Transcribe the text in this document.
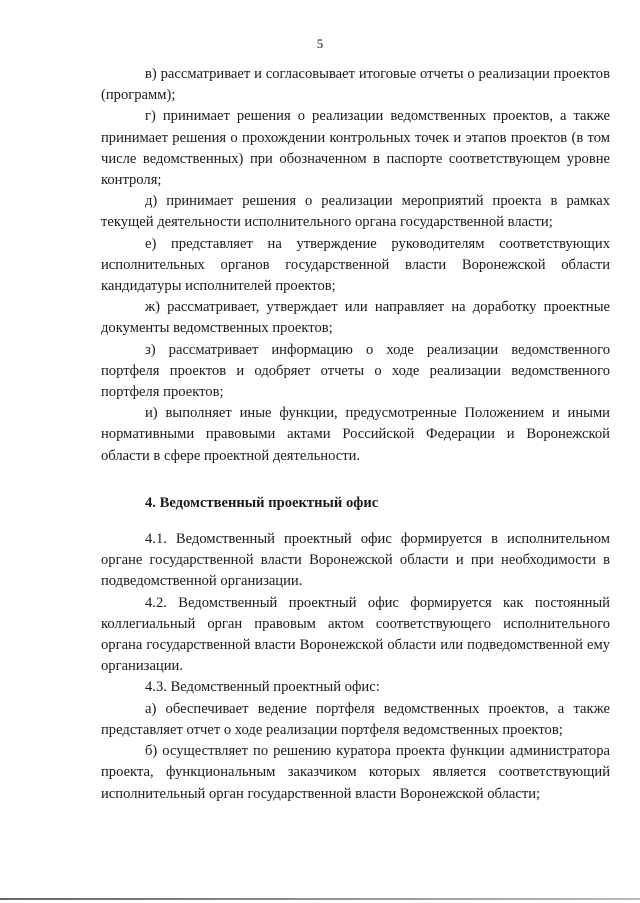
5

в) рассматривает и согласовывает итоговые отчеты о реализации проектов (программ);

г) принимает решения о реализации ведомственных проектов, а также принимает решения о прохождении контрольных точек и этапов проектов (в том числе ведомственных) при обозначенном в паспорте соответствующем уровне контроля;

д) принимает решения о реализации мероприятий проекта в рамках текущей деятельности исполнительного органа государственной власти;

е) представляет на утверждение руководителям соответствующих исполнительных органов государственной власти Воронежской области кандидатуры исполнителей проектов;

ж) рассматривает, утверждает или направляет на доработку проектные документы ведомственных проектов;

з) рассматривает информацию о ходе реализации ведомственного портфеля проектов и одобряет отчеты о ходе реализации ведомственного портфеля проектов;

и) выполняет иные функции, предусмотренные Положением и иными нормативными правовыми актами Российской Федерации и Воронежской области в сфере проектной деятельности.

4. Ведомственный проектный офис

4.1. Ведомственный проектный офис формируется в исполнительном органе государственной власти Воронежской области и при необходимости в подведомственной организации.

4.2. Ведомственный проектный офис формируется как постоянный коллегиальный орган правовым актом соответствующего исполнительного органа государственной власти Воронежской области или подведомственной ему организации.

4.3. Ведомственный проектный офис:

а) обеспечивает ведение портфеля ведомственных проектов, а также представляет отчет о ходе реализации портфеля ведомственных проектов;

б) осуществляет по решению куратора проекта функции администратора проекта, функциональным заказчиком которых является соответствующий исполнительный орган государственной власти Воронежской области;
